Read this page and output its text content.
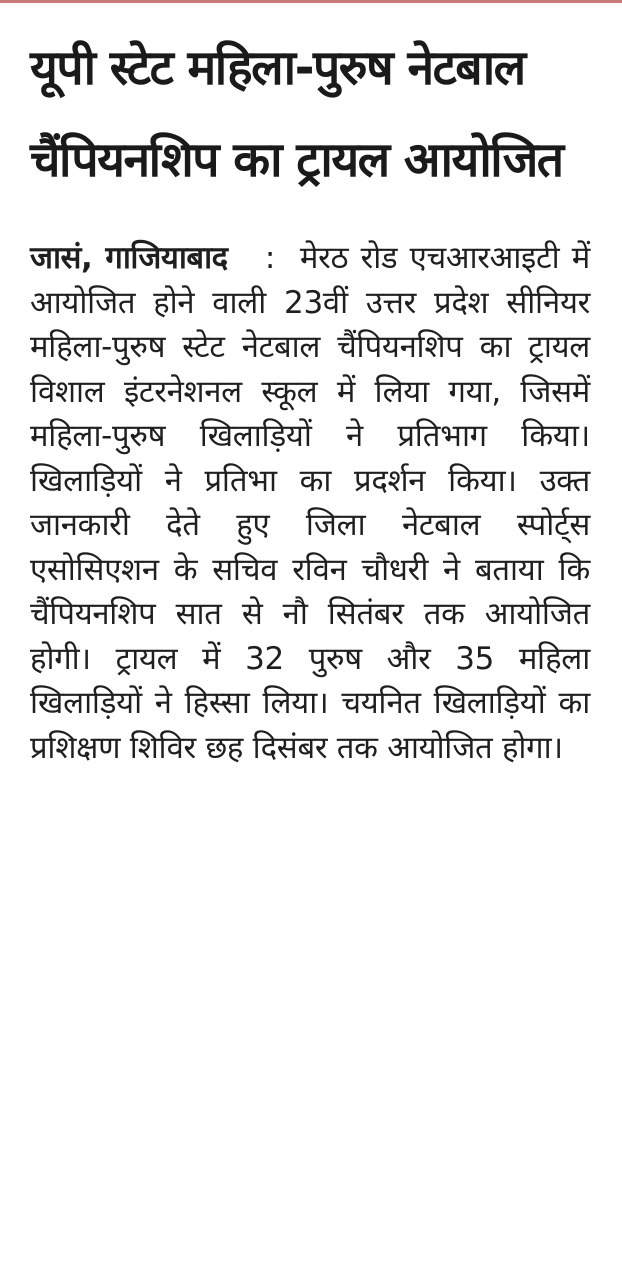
यूपी स्टेट महिला-पुरुष नेटबाल चैंपियनशिप का ट्रायल आयोजित

जासं, गाजियाबाद : मेरठ रोड एचआरआइटी में आयोजित होने वाली 23वीं उत्तर प्रदेश सीनियर महिला-पुरुष स्टेट नेटबाल चैंपियनशिप का ट्रायल विशाल इंटरनेशनल स्कूल में लिया गया, जिसमें महिला-पुरुष खिलाड़ियों ने प्रतिभाग किया। खिलाड़ियों ने प्रतिभा का प्रदर्शन किया। उक्त जानकारी देते हुए जिला नेटबाल स्पोर्ट्स एसोसिएशन के सचिव रविन चौधरी ने बताया कि चैंपियनशिप सात से नौ सितंबर तक आयोजित होगी। ट्रायल में 32 पुरुष और 35 महिला खिलाड़ियों ने हिस्सा लिया। चयनित खिलाड़ियों का प्रशिक्षण शिविर छह दिसंबर तक आयोजित होगा।
